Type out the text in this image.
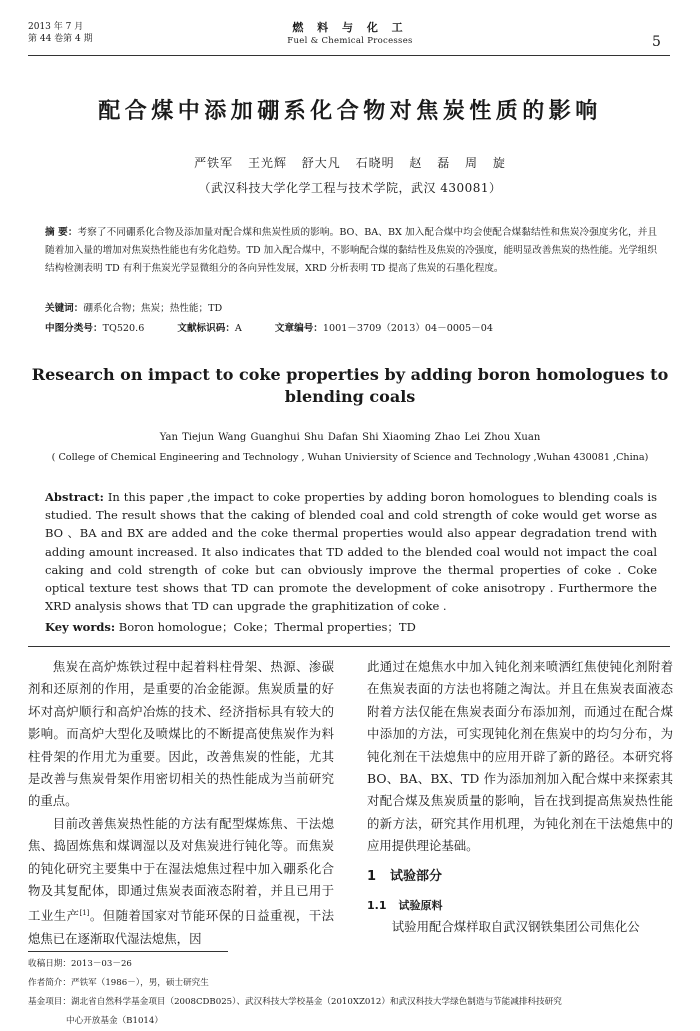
2013 年 7 月
第 44 卷第 4 期
燃 料 与 化 工
Fuel & Chemical Processes	5
配合煤中添加硼系化合物对焦炭性质的影响
严铁军 王光辉 舒大凡 石晓明 赵 磊 周 旋
（武汉科技大学化学工程与技术学院，武汉 430081）
摘 要：考察了不同硼系化合物及添加量对配合煤和焦炭性质的影响。BO、BA、BX 加入配合煤中均会使配合煤黏结性和焦炭冷强度劣化，并且随着加入量的增加对焦炭热性能也有劣化趋势。TD 加入配合煤中，不影响配合煤的黏结性及焦炭的冷强度，能明显改善焦炭的热性能。光学组织结构检测表明 TD 有利于焦炭光学显微组分的各向异性发展，XRD 分析表明 TD 提高了焦炭的石墨化程度。
关键词：硼系化合物；焦炭；热性能；TD
中图分类号：TQ520.6	文献标识码：A	文章编号：1001－3709（2013）04－0005－04
Research on impact to coke properties by adding boron homologues to blending coals
Yan Tiejun Wang Guanghui Shu Dafan Shi Xiaoming Zhao Lei Zhou Xuan
( College of Chemical Engineering and Technology , Wuhan Univiersity of Science and Technology ,Wuhan 430081 ,China)
Abstract: In this paper ,the impact to coke properties by adding boron homologues to blending coals is studied. The result shows that the caking of blended coal and cold strength of coke would get worse as BO 、BA and BX are added and the coke thermal properties would also appear degradation trend with adding amount increased. It also indicates that TD added to the blended coal would not impact the coal caking and cold strength of coke but can obviously improve the thermal properties of coke . Coke optical texture test shows that TD can promote the development of coke anisotropy . Furthermore the XRD analysis shows that TD can upgrade the graphitization of coke .
Key words: Boron homologue；Coke；Thermal properties；TD

焦炭在高炉炼铁过程中起着料柱骨架、热源、渗碳剂和还原剂的作用，是重要的冶金能源。焦炭质量的好坏对高炉顺行和高炉冶炼的技术、经济指标具有较大的影响。而高炉大型化及喷煤比的不断提高使焦炭作为料柱骨架的作用尤为重要。因此，改善焦炭的性能，尤其是改善与焦炭骨架作用密切相关的热性能成为当前研究的重点。

目前改善焦炭热性能的方法有配型煤炼焦、干法熄焦、捣固炼焦和煤调湿以及对焦炭进行钝化等。而焦炭的钝化研究主要集中于在湿法熄焦过程中加入硼系化合物及其复配体，即通过焦炭表面液态附着，并且已用于工业生产[1]。但随着国家对节能环保的日益重视，干法熄焦已在逐渐取代湿法熄焦，因

此通过在熄焦水中加入钝化剂来喷洒红焦使钝化剂附着在焦炭表面的方法也将随之淘汰。并且在焦炭表面液态附着方法仅能在焦炭表面分布添加剂，而通过在配合煤中添加的方法，可实现钝化剂在焦炭中的均匀分布，为钝化剂在干法熄焦中的应用开辟了新的路径。本研究将 BO、BA、BX、TD 作为添加剂加入配合煤中来探索其对配合煤及焦炭质量的影响，旨在找到提高焦炭热性能的新方法，研究其作用机理，为钝化剂在干法熄焦中的应用提供理论基础。

1 试验部分
1.1 试验原料

试验用配合煤样取自武汉钢铁集团公司焦化公

收稿日期：2013－03－26
作者简介：严铁军（1986－），男，硕士研究生
基金项目：湖北省自然科学基金项目（2008CDB025）、武汉科技大学校基金（2010XZ012）和武汉科技大学绿色制造与节能减排科技研究
中心开放基金（B1014）
